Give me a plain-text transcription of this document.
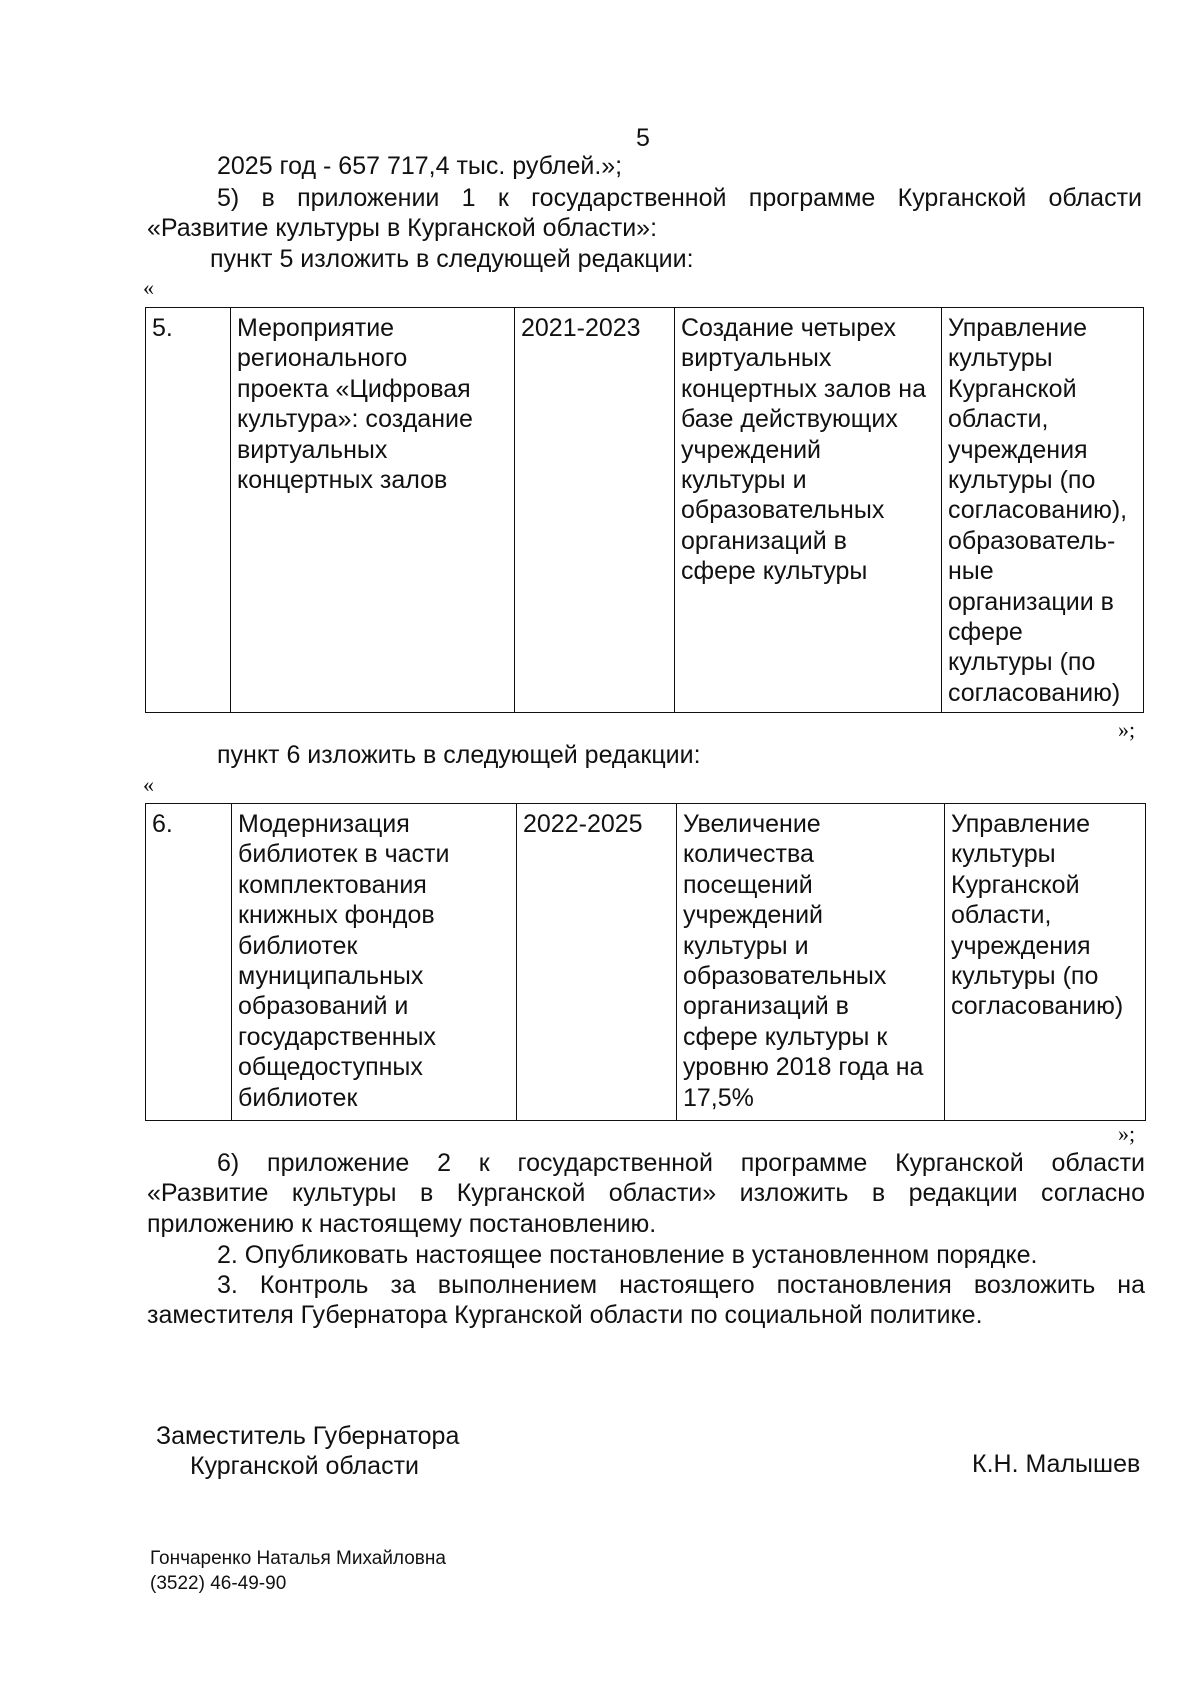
5
2025 год - 657 717,4 тыс. рублей.»;
5) в приложении 1 к государственной программе Курганской области
«Развитие культуры в Курганской области»:
пункт 5 изложить в следующей редакции:
«
5.	Мероприятие
регионального
проекта «Цифровая
культура»: создание
виртуальных
концертных залов	2021-2023	Создание четырех
виртуальных
концертных залов на
базе действующих
учреждений
культуры и
образовательных
организаций в
сфере культуры	Управление
культуры
Курганской
области,
учреждения
культуры (по
согласованию),
образователь-
ные
организации в
сфере
культуры (по
согласованию)
»;
пункт 6 изложить в следующей редакции:
«
6.	Модернизация
библиотек в части
комплектования
книжных фондов
библиотек
муниципальных
образований и
государственных
общедоступных
библиотек	2022-2025	Увеличение
количества
посещений
учреждений
культуры и
образовательных
организаций в
сфере культуры к
уровню 2018 года на
17,5%	Управление
культуры
Курганской
области,
учреждения
культуры (по
согласованию)
»;
6) приложение 2 к государственной программе Курганской области
«Развитие культуры в Курганской области» изложить в редакции согласно
приложению к настоящему постановлению.
2. Опубликовать настоящее постановление в установленном порядке.
3. Контроль за выполнением настоящего постановления возложить на
заместителя Губернатора Курганской области по социальной политике.
Заместитель Губернатора
Курганской области	К.Н. Малышев
Гончаренко Наталья Михайловна
(3522) 46-49-90
